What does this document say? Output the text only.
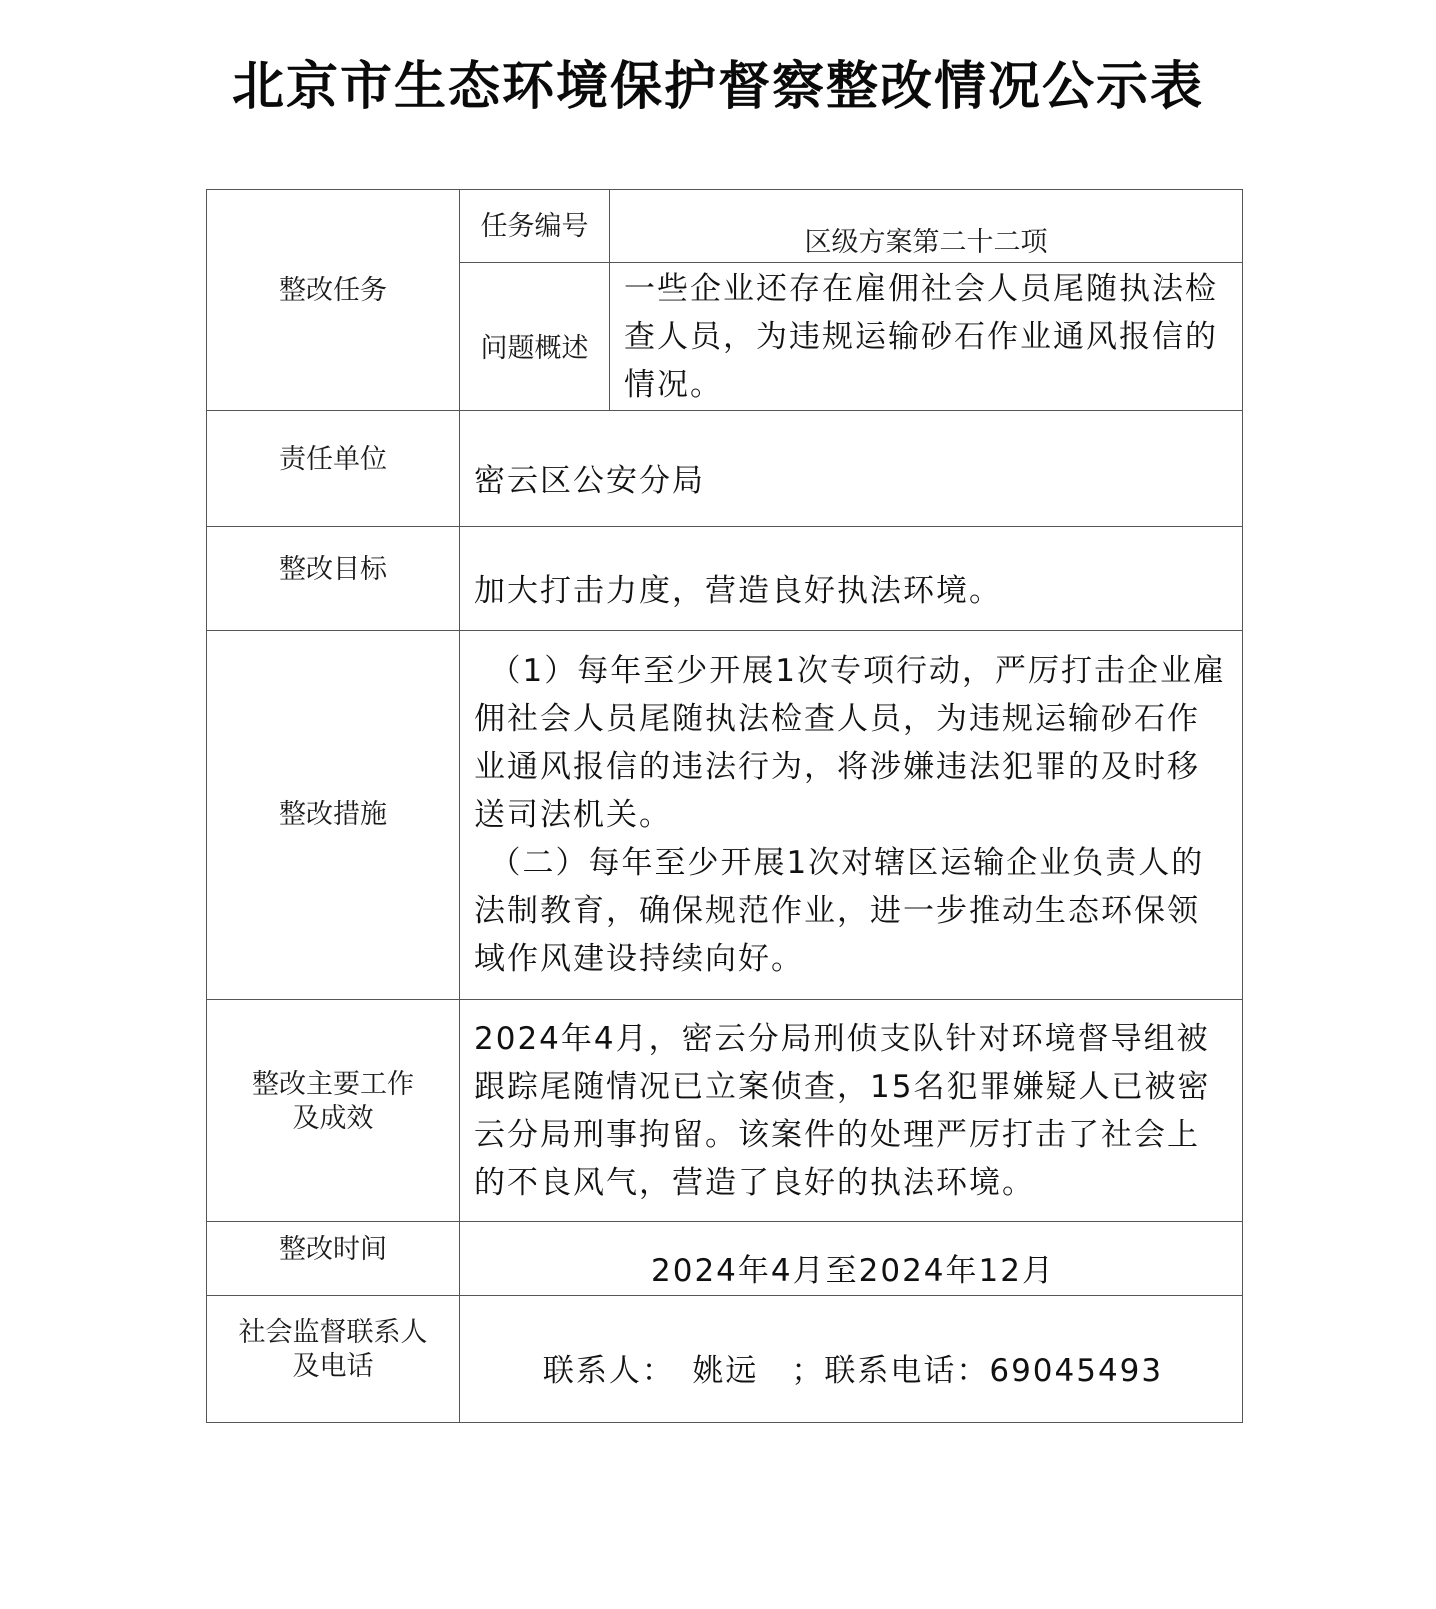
北京市生态环境保护督察整改情况公示表
整改任务	任务编号	区级方案第二十二项
	问题概述	一些企业还存在雇佣社会人员尾随执法检查人员，为违规运输砂石作业通风报信的情况。
责任单位	密云区公安分局	
整改目标	加大打击力度，营造良好执法环境。	
整改措施	（1）每年至少开展1次专项行动，严厉打击企业雇佣社会人员尾随执法检查人员，为违规运输砂石作业通风报信的违法行为，将涉嫌违法犯罪的及时移送司法机关。
（二）每年至少开展1次对辖区运输企业负责人的法制教育，确保规范作业，进一步推动生态环保领域作风建设持续向好。	

整改主要工作
及成效	2024年4月，密云分局刑侦支队针对环境督导组被跟踪尾随情况已立案侦查，15名犯罪嫌疑人已被密云分局刑事拘留。该案件的处理严厉打击了社会上的不良风气，营造了良好的执法环境。	
整改时间	2024年4月至2024年12月	

社会监督联系人
及电话	联系人：　姚远　；联系电话：69045493	
